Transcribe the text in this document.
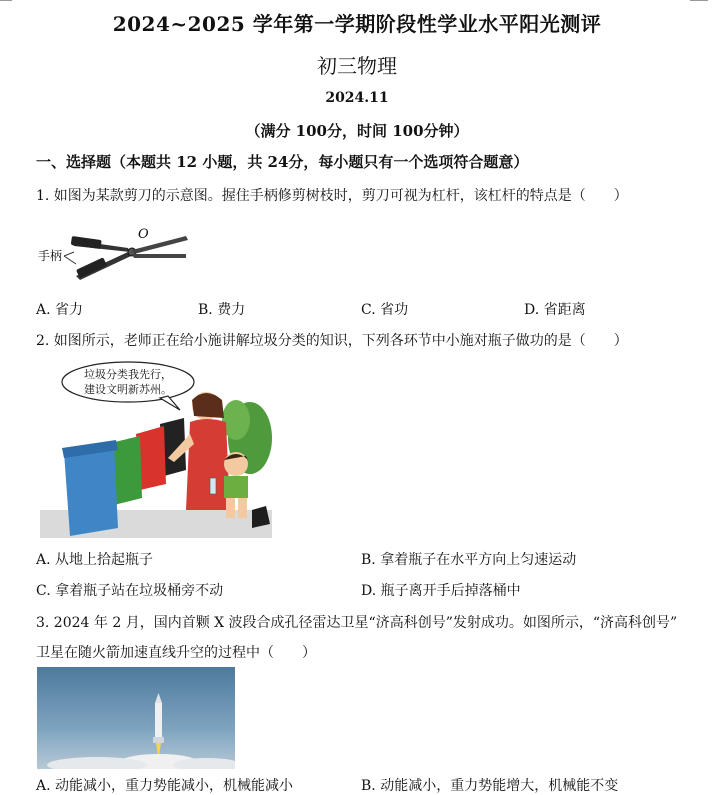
2024~2025 学年第一学期阶段性学业水平阳光测评
初三物理
2024.11
（满分 100分，时间 100分钟）
一、选择题（本题共 12 小题，共 24分，每小题只有一个选项符合题意）
1. 如图为某款剪刀的示意图。握住手柄修剪树枝时，剪刀可视为杠杆，该杠杆的特点是（　　）
手柄
O
A. 省力	B. 费力	C. 省功	D. 省距离
2. 如图所示，老师正在给小施讲解垃圾分类的知识，下列各环节中小施对瓶子做功的是（　　）
垃圾分类我先行，
建设文明新苏州。
A. 从地上拾起瓶子	B. 拿着瓶子在水平方向上匀速运动
C. 拿着瓶子站在垃圾桶旁不动	D. 瓶子离开手后掉落桶中
3. 2024 年 2 月，国内首颗 X 波段合成孔径雷达卫星“济高科创号”发射成功。如图所示，“济高科创号”
卫星在随火箭加速直线升空的过程中（　　）
A. 动能减小，重力势能减小，机械能减小	B. 动能减小，重力势能增大，机械能不变
